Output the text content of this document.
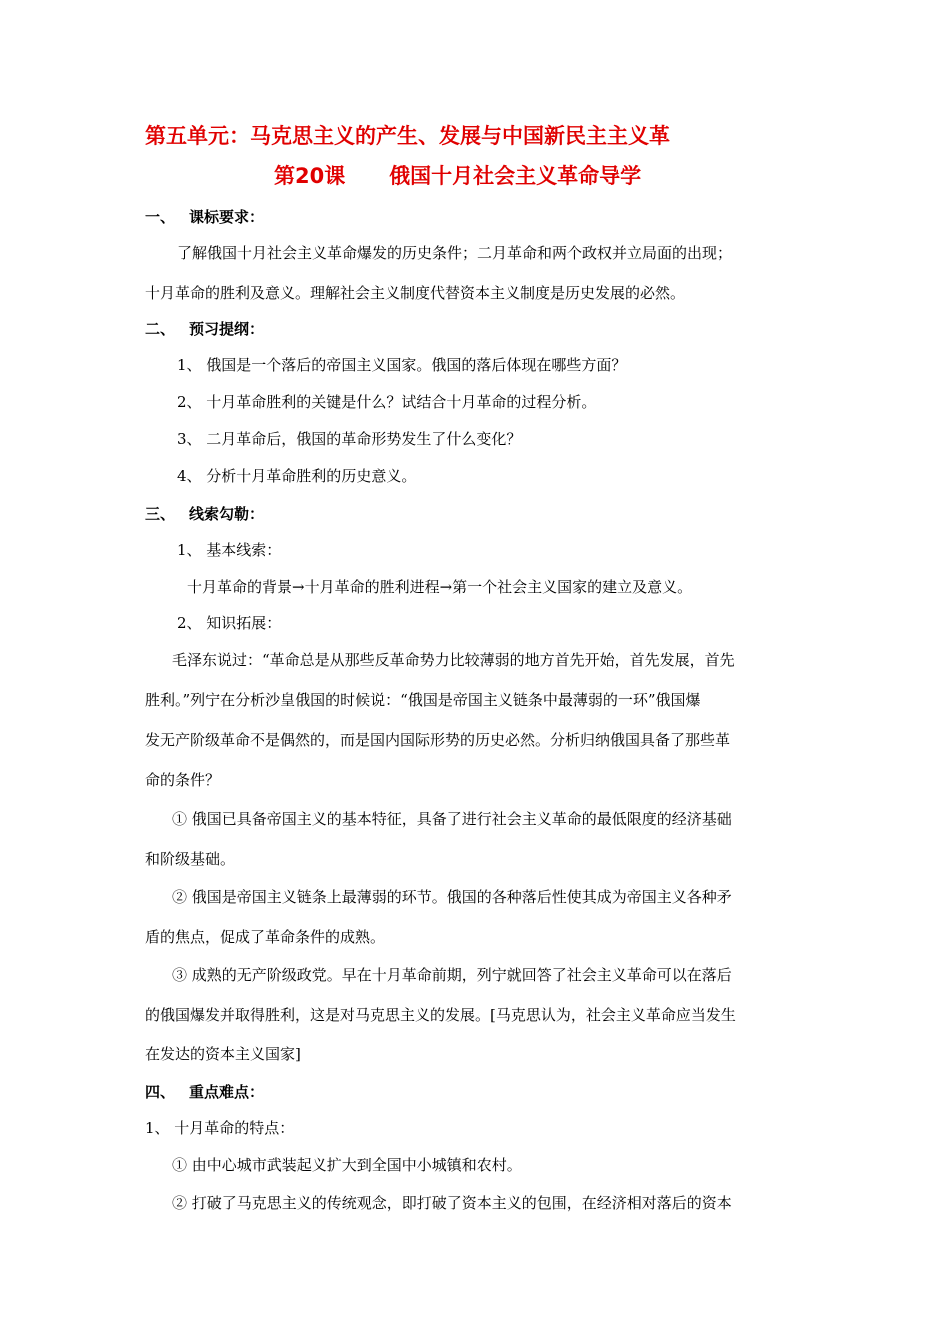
第五单元：马克思主义的产生、发展与中国新民主主义革
第20课      俄国十月社会主义革命导学
一、 课标要求：
了解俄国十月社会主义革命爆发的历史条件；二月革命和两个政权并立局面的出现；
十月革命的胜利及意义。理解社会主义制度代替资本主义制度是历史发展的必然。
二、 预习提纲：
1、 俄国是一个落后的帝国主义国家。俄国的落后体现在哪些方面？
2、 十月革命胜利的关键是什么？试结合十月革命的过程分析。
3、 二月革命后，俄国的革命形势发生了什么变化？
4、 分析十月革命胜利的历史意义。
三、 线索勾勒：
1、 基本线索：
十月革命的背景→十月革命的胜利进程→第一个社会主义国家的建立及意义。
2、 知识拓展：
毛泽东说过：“革命总是从那些反革命势力比较薄弱的地方首先开始，首先发展，首先
胜利。”列宁在分析沙皇俄国的时候说：“俄国是帝国主义链条中最薄弱的一环”俄国爆
发无产阶级革命不是偶然的，而是国内国际形势的历史必然。分析归纳俄国具备了那些革
命的条件？
① 俄国已具备帝国主义的基本特征，具备了进行社会主义革命的最低限度的经济基础
和阶级基础。
② 俄国是帝国主义链条上最薄弱的环节。俄国的各种落后性使其成为帝国主义各种矛
盾的焦点，促成了革命条件的成熟。
③ 成熟的无产阶级政党。早在十月革命前期，列宁就回答了社会主义革命可以在落后
的俄国爆发并取得胜利，这是对马克思主义的发展。[马克思认为，社会主义革命应当发生
在发达的资本主义国家]
四、 重点难点：
1、 十月革命的特点：
① 由中心城市武装起义扩大到全国中小城镇和农村。
② 打破了马克思主义的传统观念，即打破了资本主义的包围，在经济相对落后的资本
